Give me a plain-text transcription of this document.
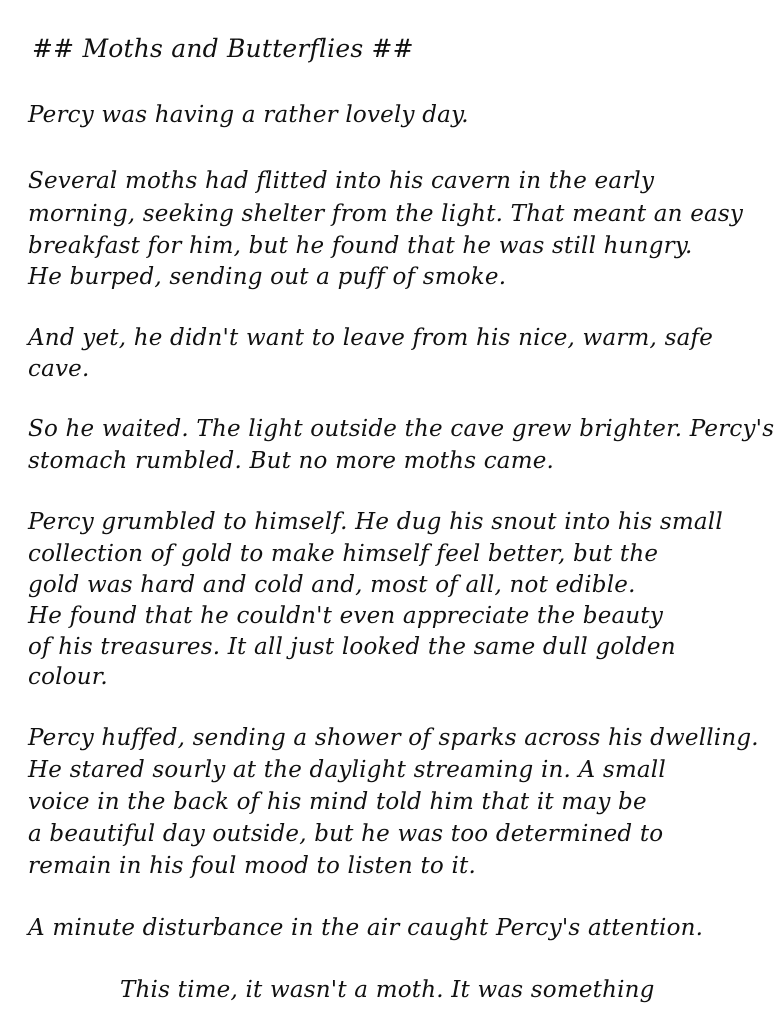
## Moths and Butterflies ##
Percy was having a rather lovely day.
Several moths had flitted into his cavern in the early
morning, seeking shelter from the light. That meant an easy
breakfast for him, but he found that he was still hungry.
He burped, sending out a puff of smoke.
And yet, he didn't want to leave from his nice, warm, safe
cave.
So he waited. The light outside the cave grew brighter. Percy's
stomach rumbled. But no more moths came.
Percy grumbled to himself. He dug his snout into his small
collection of gold to make himself feel better, but the
gold was hard and cold and, most of all, not edible.
He found that he couldn't even appreciate the beauty
of his treasures. It all just looked the same dull golden
colour.
Percy huffed, sending a shower of sparks across his dwelling.
He stared sourly at the daylight streaming in. A small
voice in the back of his mind told him that it may be
a beautiful day outside, but he was too determined to
remain in his foul mood to listen to it.
A minute disturbance in the air caught Percy's attention.
This time, it wasn't a moth. It was something
